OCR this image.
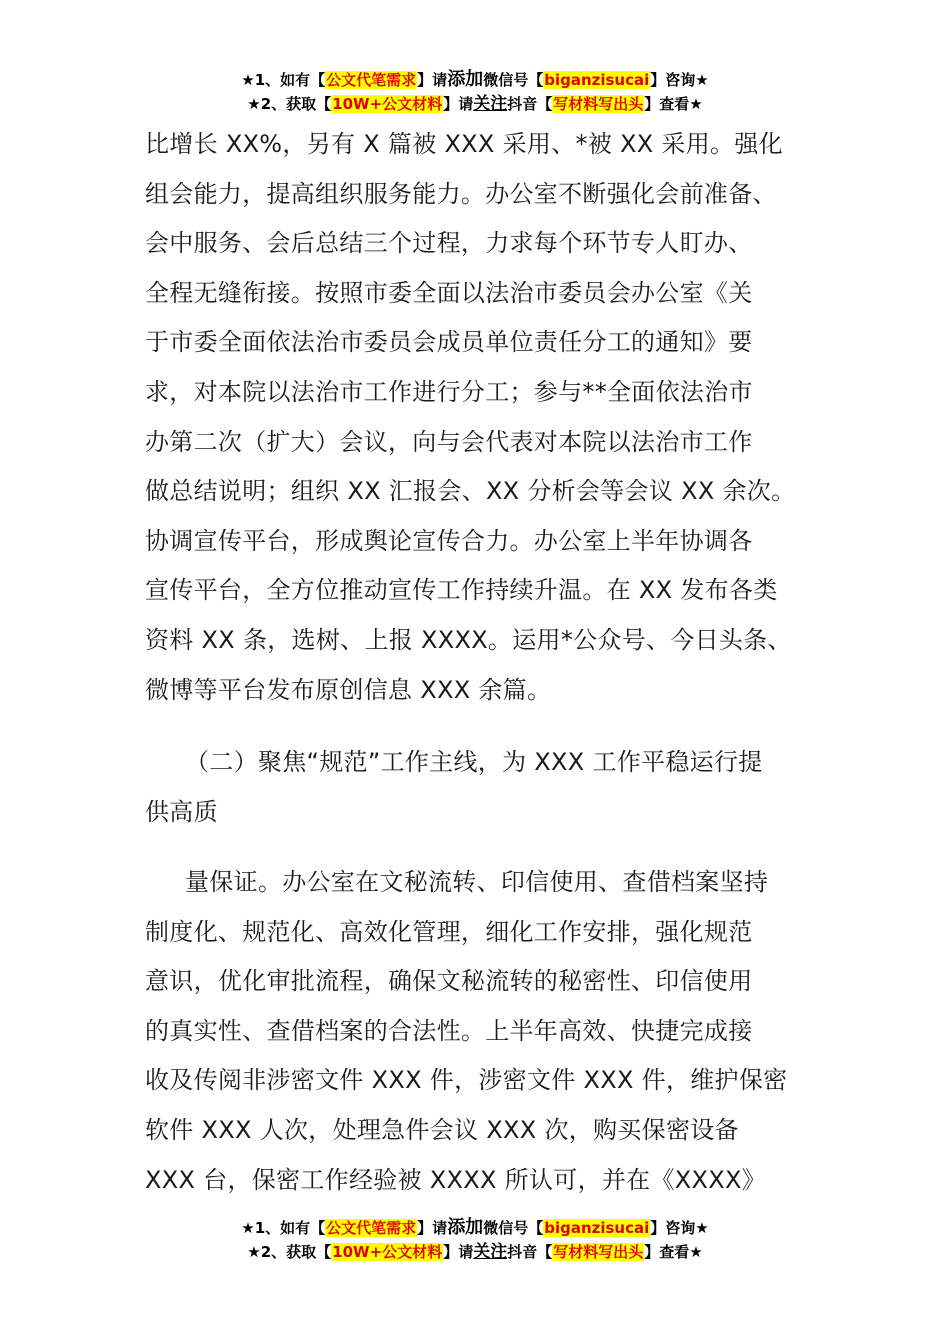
★1、如有【公文代笔需求】请添加微信号【biganzisucai】咨询★
★2、获取【10W+公文材料】请关注抖音【写材料写出头】查看★
比增长 XX%，另有 X 篇被 XXX 采用、*被 XX 采用。强化
组会能力，提高组织服务能力。办公室不断强化会前准备、
会中服务、会后总结三个过程，力求每个环节专人盯办、
全程无缝衔接。按照市委全面以法治市委员会办公室《关
于市委全面依法治市委员会成员单位责任分工的通知》要
求，对本院以法治市工作进行分工；参与**全面依法治市
办第二次（扩大）会议，向与会代表对本院以法治市工作
做总结说明；组织 XX 汇报会、XX 分析会等会议 XX 余次。
协调宣传平台，形成舆论宣传合力。办公室上半年协调各
宣传平台，全方位推动宣传工作持续升温。在 XX 发布各类
资料 XX 条，选树、上报 XXXX。运用*公众号、今日头条、
微博等平台发布原创信息 XXX 余篇。
（二）聚焦“规范”工作主线，为 XXX 工作平稳运行提
供高质
量保证。办公室在文秘流转、印信使用、查借档案坚持
制度化、规范化、高效化管理，细化工作安排，强化规范
意识，优化审批流程，确保文秘流转的秘密性、印信使用
的真实性、查借档案的合法性。上半年高效、快捷完成接
收及传阅非涉密文件 XXX 件，涉密文件 XXX 件，维护保密
软件 XXX 人次，处理急件会议 XXX 次，购买保密设备
XXX 台，保密工作经验被 XXXX 所认可，并在《XXXX》
★1、如有【公文代笔需求】请添加微信号【biganzisucai】咨询★
★2、获取【10W+公文材料】请关注抖音【写材料写出头】查看★
